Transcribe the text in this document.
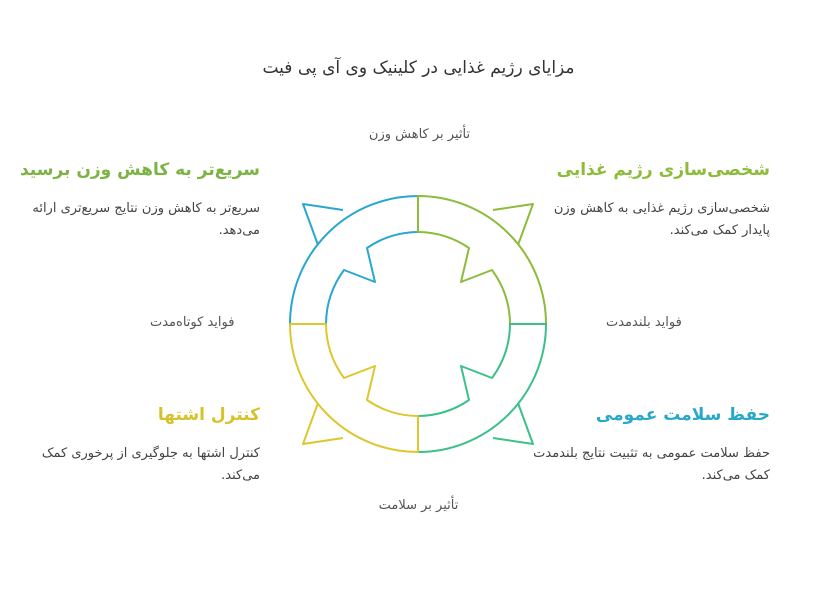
مزایای رژیم غذایی در کلینیک وی آی پی فیت
تأثیر بر کاهش وزن
تأثیر بر سلامت
فواید کوتاه‌مدت	فواید بلندمدت
شخصی‌سازی رژیم غذایی
شخصی‌سازی رژیم غذایی به کاهش وزن پایدار کمک می‌کند.
سریع‌تر به کاهش وزن برسید
سریع‌تر به کاهش وزن نتایج سریع‌تری ارائه می‌دهد.
حفظ سلامت عمومی
حفظ سلامت عمومی به تثبیت نتایج بلندمدت کمک می‌کند.
کنترل اشتها
کنترل اشتها به جلوگیری از پرخوری کمک می‌کند.
